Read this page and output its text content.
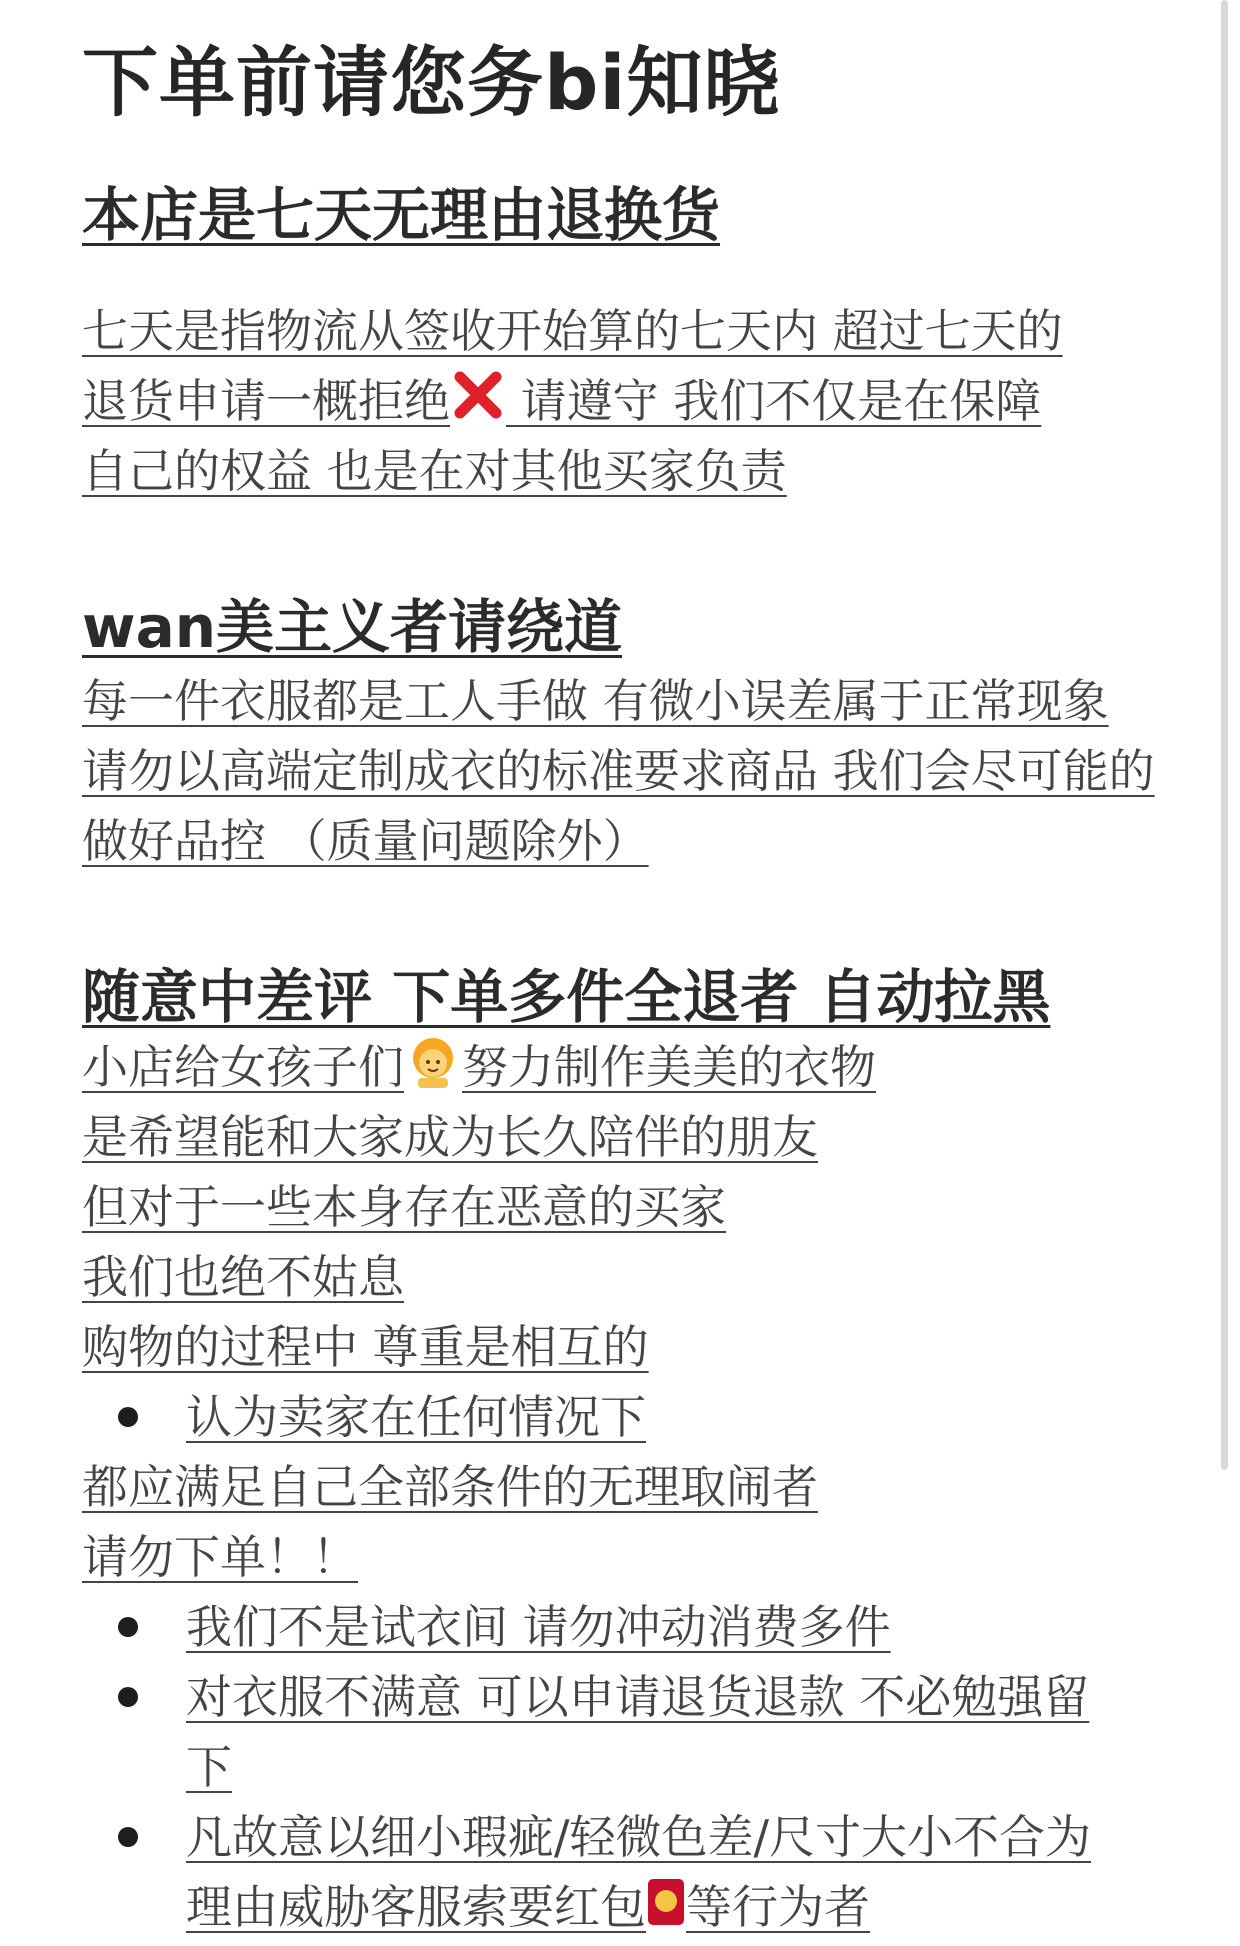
下单前请您务bi知晓
本店是七天无理由退换货

七天是指物流从签收开始算的七天内 超过七天的

退货申请一概拒绝 请遵守 我们不仅是在保障

自己的权益 也是在对其他买家负责

wan美主义者请绕道

每一件衣服都是工人手做 有微小误差属于正常现象 请勿以高端定制成衣的标准要求商品 我们会尽可能的做好品控 （质量问题除外）

随意中差评 下单多件全退者 自动拉黑

小店给女孩子们 努力制作美美的衣物

是希望能和大家成为长久陪伴的朋友

但对于一些本身存在恶意的买家

我们也绝不姑息

购物的过程中 尊重是相互的

认为卖家在任何情况下

都应满足自己全部条件的无理取闹者

请勿下单！！

我们不是试衣间 请勿冲动消费多件

对衣服不满意 可以申请退货退款 不必勉强留下

凡故意以细小瑕疵/轻微色差/尺寸大小不合为理由威胁客服索要红包 等行为者
